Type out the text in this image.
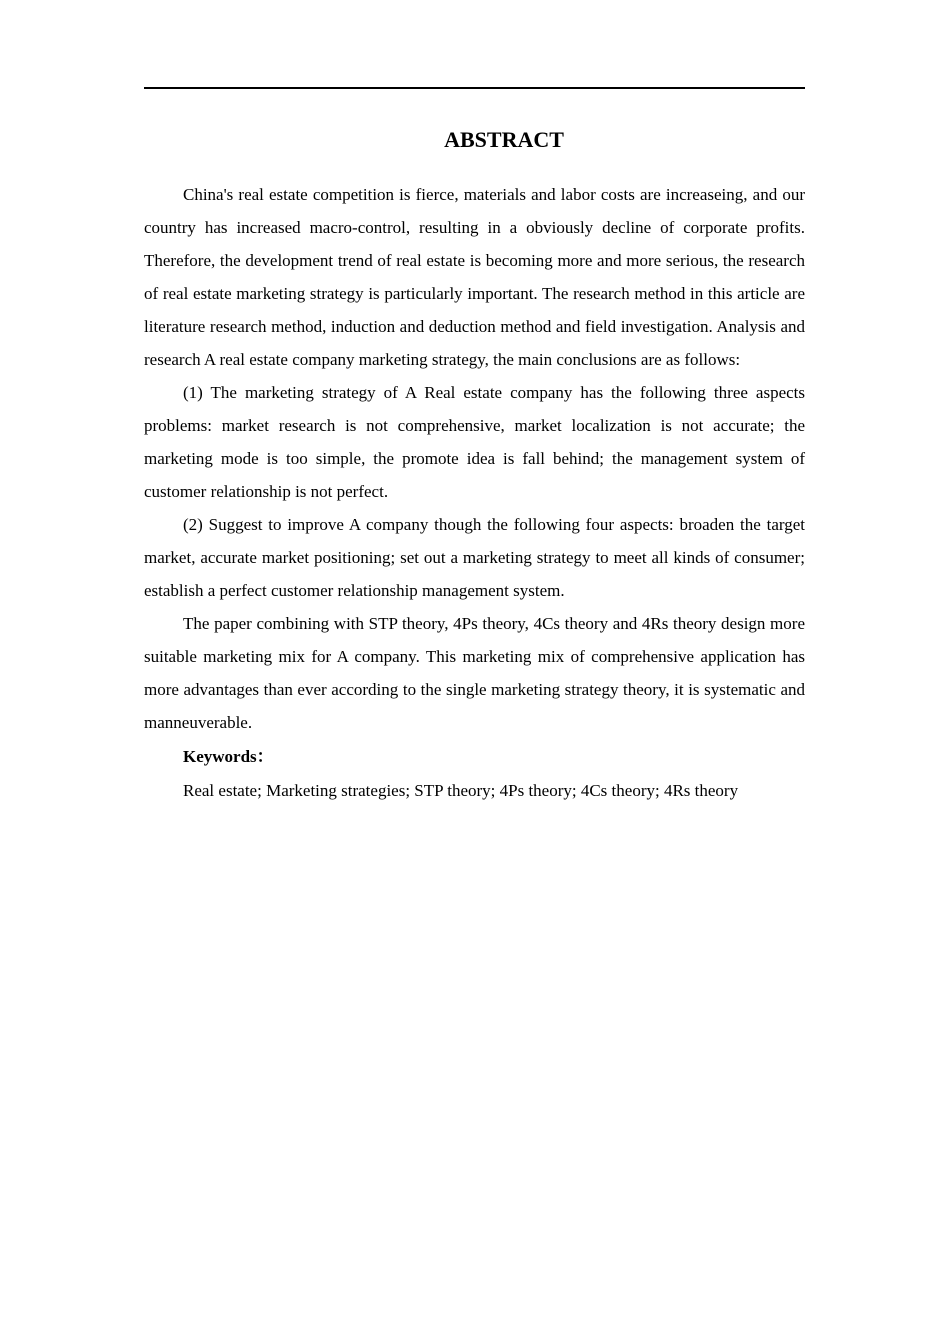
ABSTRACT

China's real estate competition is fierce, materials and labor costs are increaseing, and our country has increased macro-control, resulting in a obviously decline of corporate profits. Therefore, the development trend of real estate is becoming more and more serious, the research of real estate marketing strategy is particularly important. The research method in this article are literature research method, induction and deduction method and field investigation. Analysis and research A real estate company marketing strategy, the main conclusions are as follows:

(1) The marketing strategy of A Real estate company has the following three aspects problems: market research is not comprehensive, market localization is not accurate; the marketing mode is too simple, the promote idea is fall behind; the management system of customer relationship is not perfect.

(2) Suggest to improve A company though the following four aspects: broaden the target market, accurate market positioning; set out a marketing strategy to meet all kinds of consumer; establish a perfect customer relationship management system.

The paper combining with STP theory, 4Ps theory, 4Cs theory and 4Rs theory design more suitable marketing mix for A company. This marketing mix of comprehensive application has more advantages than ever according to the single marketing strategy theory, it is systematic and manneuverable.

Keywords：

Real estate; Marketing strategies; STP theory; 4Ps theory; 4Cs theory; 4Rs theory
